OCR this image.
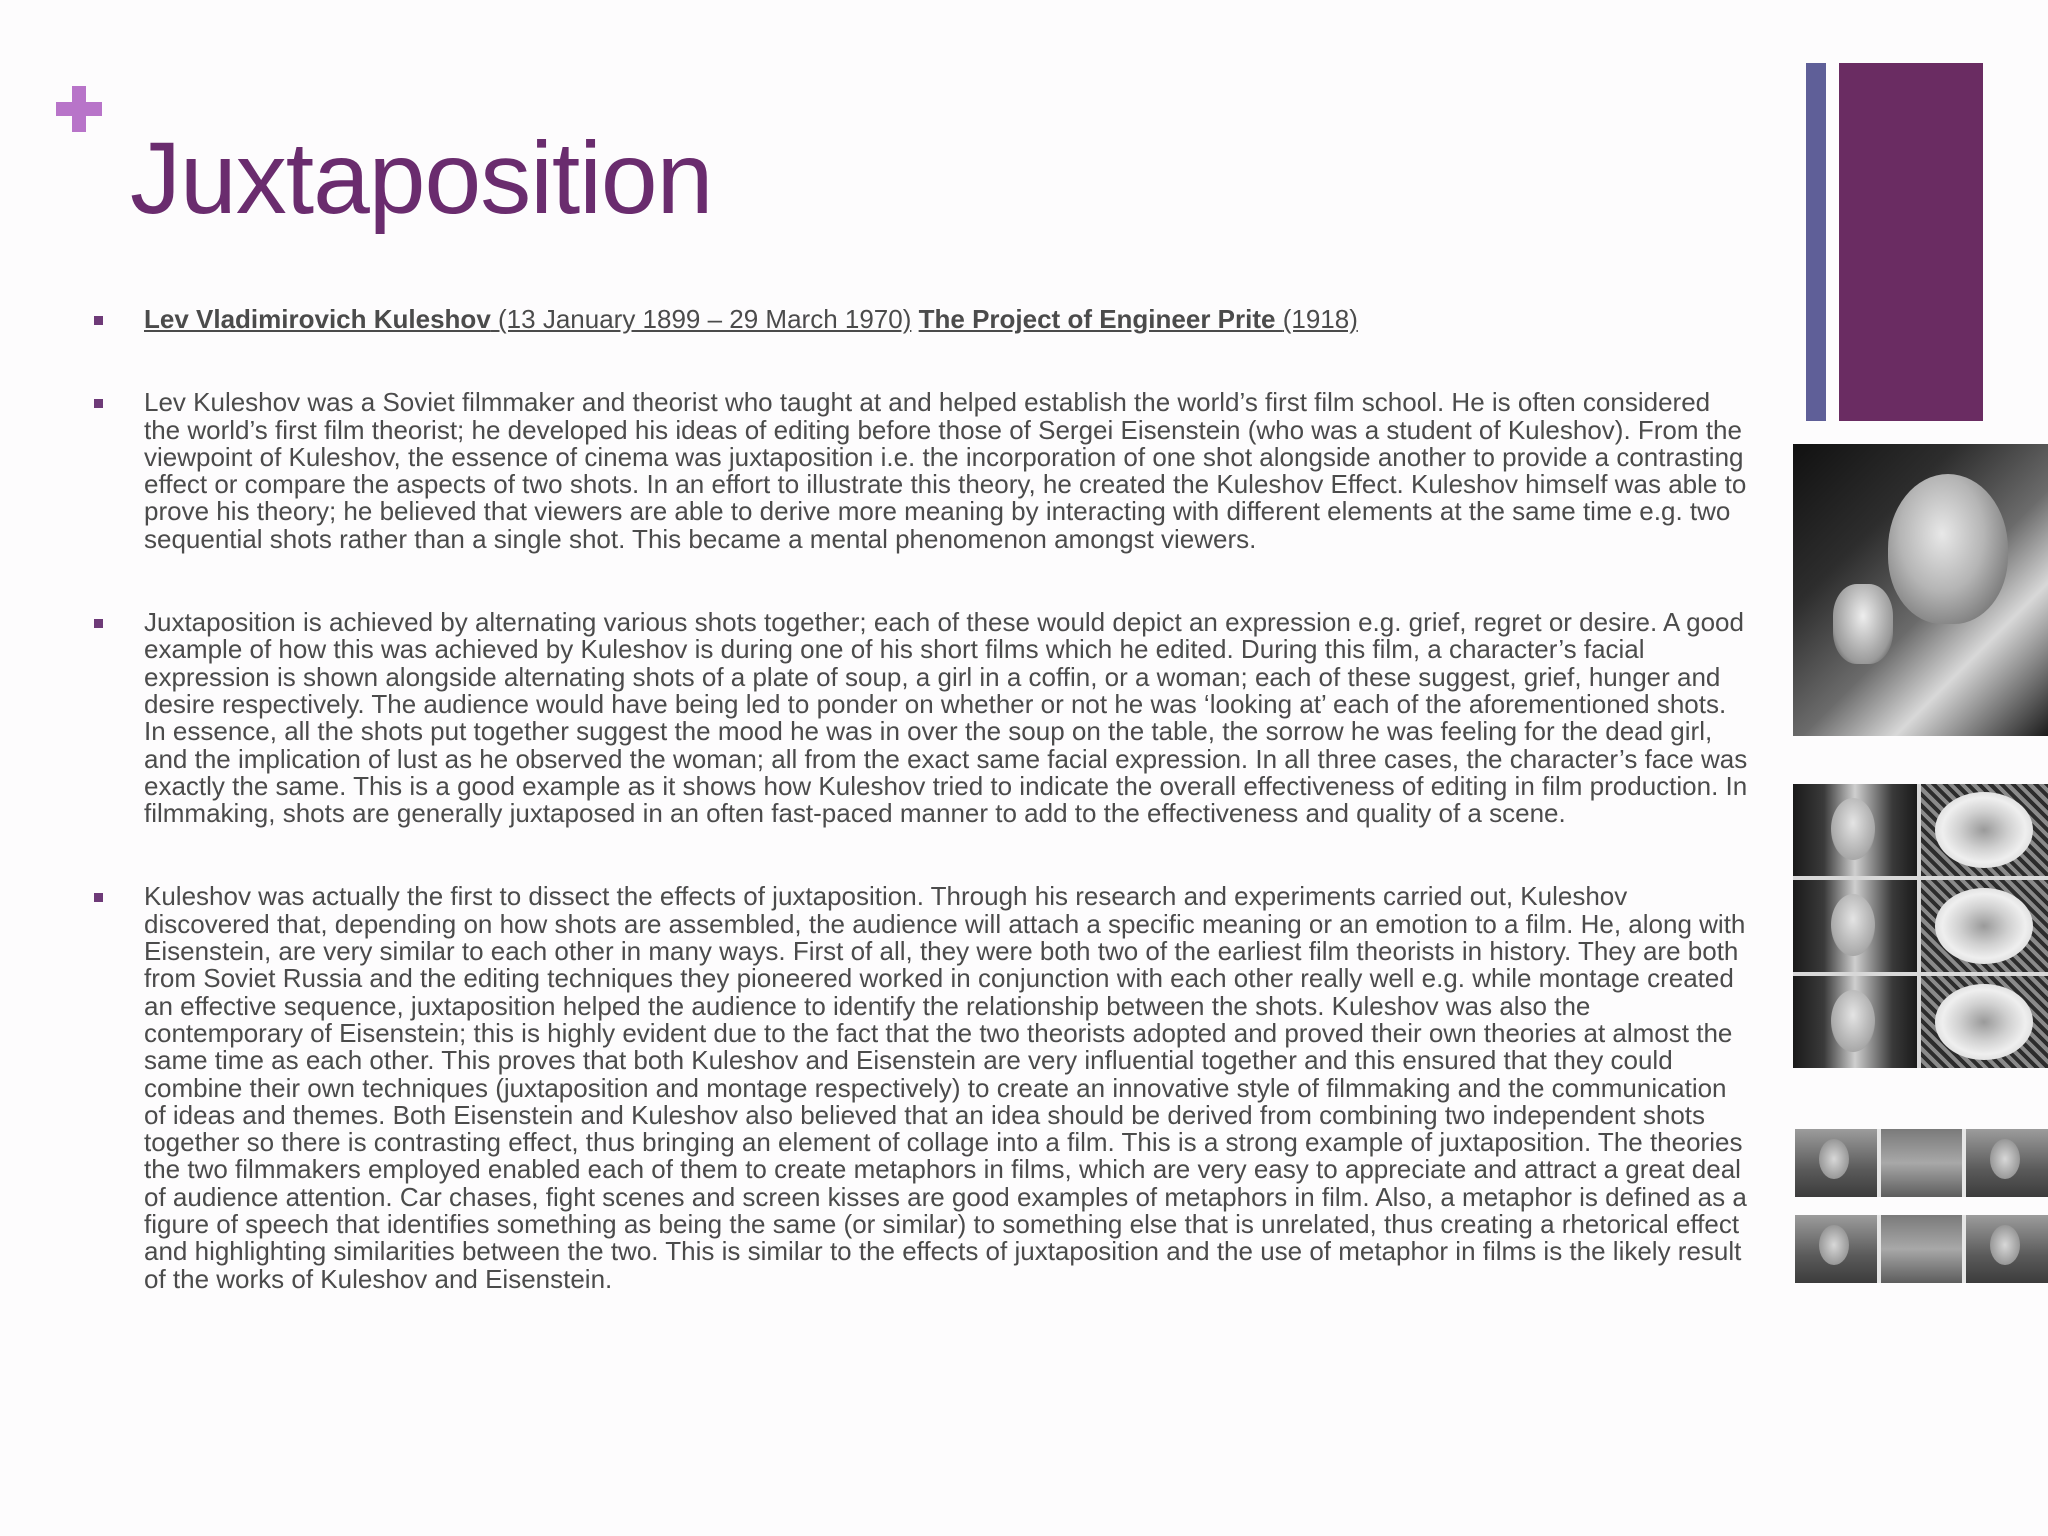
Juxtaposition
Lev Vladimirovich Kuleshov (13 January 1899 – 29 March 1970) The Project of Engineer Prite (1918)

Lev Kuleshov was a Soviet filmmaker and theorist who taught at and helped establish the world’s first film school. He is often considered the world’s first film theorist; he developed his ideas of editing before those of Sergei Eisenstein (who was a student of Kuleshov). From the viewpoint of Kuleshov, the essence of cinema was juxtaposition i.e. the incorporation of one shot alongside another to provide a contrasting effect or compare the aspects of two shots. In an effort to illustrate this theory, he created the Kuleshov Effect. Kuleshov himself was able to prove his theory; he believed that viewers are able to derive more meaning by interacting with different elements at the same time e.g. two sequential shots rather than a single shot. This became a mental phenomenon amongst viewers.

Juxtaposition is achieved by alternating various shots together; each of these would depict an expression e.g. grief, regret or desire. A good example of how this was achieved by Kuleshov is during one of his short films which he edited. During this film, a character’s facial expression is shown alongside alternating shots of a plate of soup, a girl in a coffin, or a woman; each of these suggest, grief, hunger and desire respectively. The audience would have being led to ponder on whether or not he was ‘looking at’ each of the aforementioned shots. In essence, all the shots put together suggest the mood he was in over the soup on the table, the sorrow he was feeling for the dead girl, and the implication of lust as he observed the woman; all from the exact same facial expression. In all three cases, the character’s face was exactly the same. This is a good example as it shows how Kuleshov tried to indicate the overall effectiveness of editing in film production. In filmmaking, shots are generally juxtaposed in an often fast-paced manner to add to the effectiveness and quality of a scene.

Kuleshov was actually the first to dissect the effects of juxtaposition. Through his research and experiments carried out, Kuleshov discovered that, depending on how shots are assembled, the audience will attach a specific meaning or an emotion to a film. He, along with Eisenstein, are very similar to each other in many ways. First of all, they were both two of the earliest film theorists in history. They are both from Soviet Russia and the editing techniques they pioneered worked in conjunction with each other really well e.g. while montage created an effective sequence, juxtaposition helped the audience to identify the relationship between the shots. Kuleshov was also the contemporary of Eisenstein; this is highly evident due to the fact that the two theorists adopted and proved their own theories at almost the same time as each other. This proves that both Kuleshov and Eisenstein are very influential together and this ensured that they could combine their own techniques (juxtaposition and montage respectively) to create an innovative style of filmmaking and the communication of ideas and themes. Both Eisenstein and Kuleshov also believed that an idea should be derived from combining two independent shots together so there is contrasting effect, thus bringing an element of collage into a film. This is a strong example of juxtaposition. The theories the two filmmakers employed enabled each of them to create metaphors in films, which are very easy to appreciate and attract a great deal of audience attention. Car chases, fight scenes and screen kisses are good examples of metaphors in film. Also, a metaphor is defined as a figure of speech that identifies something as being the same (or similar) to something else that is unrelated, thus creating a rhetorical effect and highlighting similarities between the two. This is similar to the effects of juxtaposition and the use of metaphor in films is the likely result of the works of Kuleshov and Eisenstein.
